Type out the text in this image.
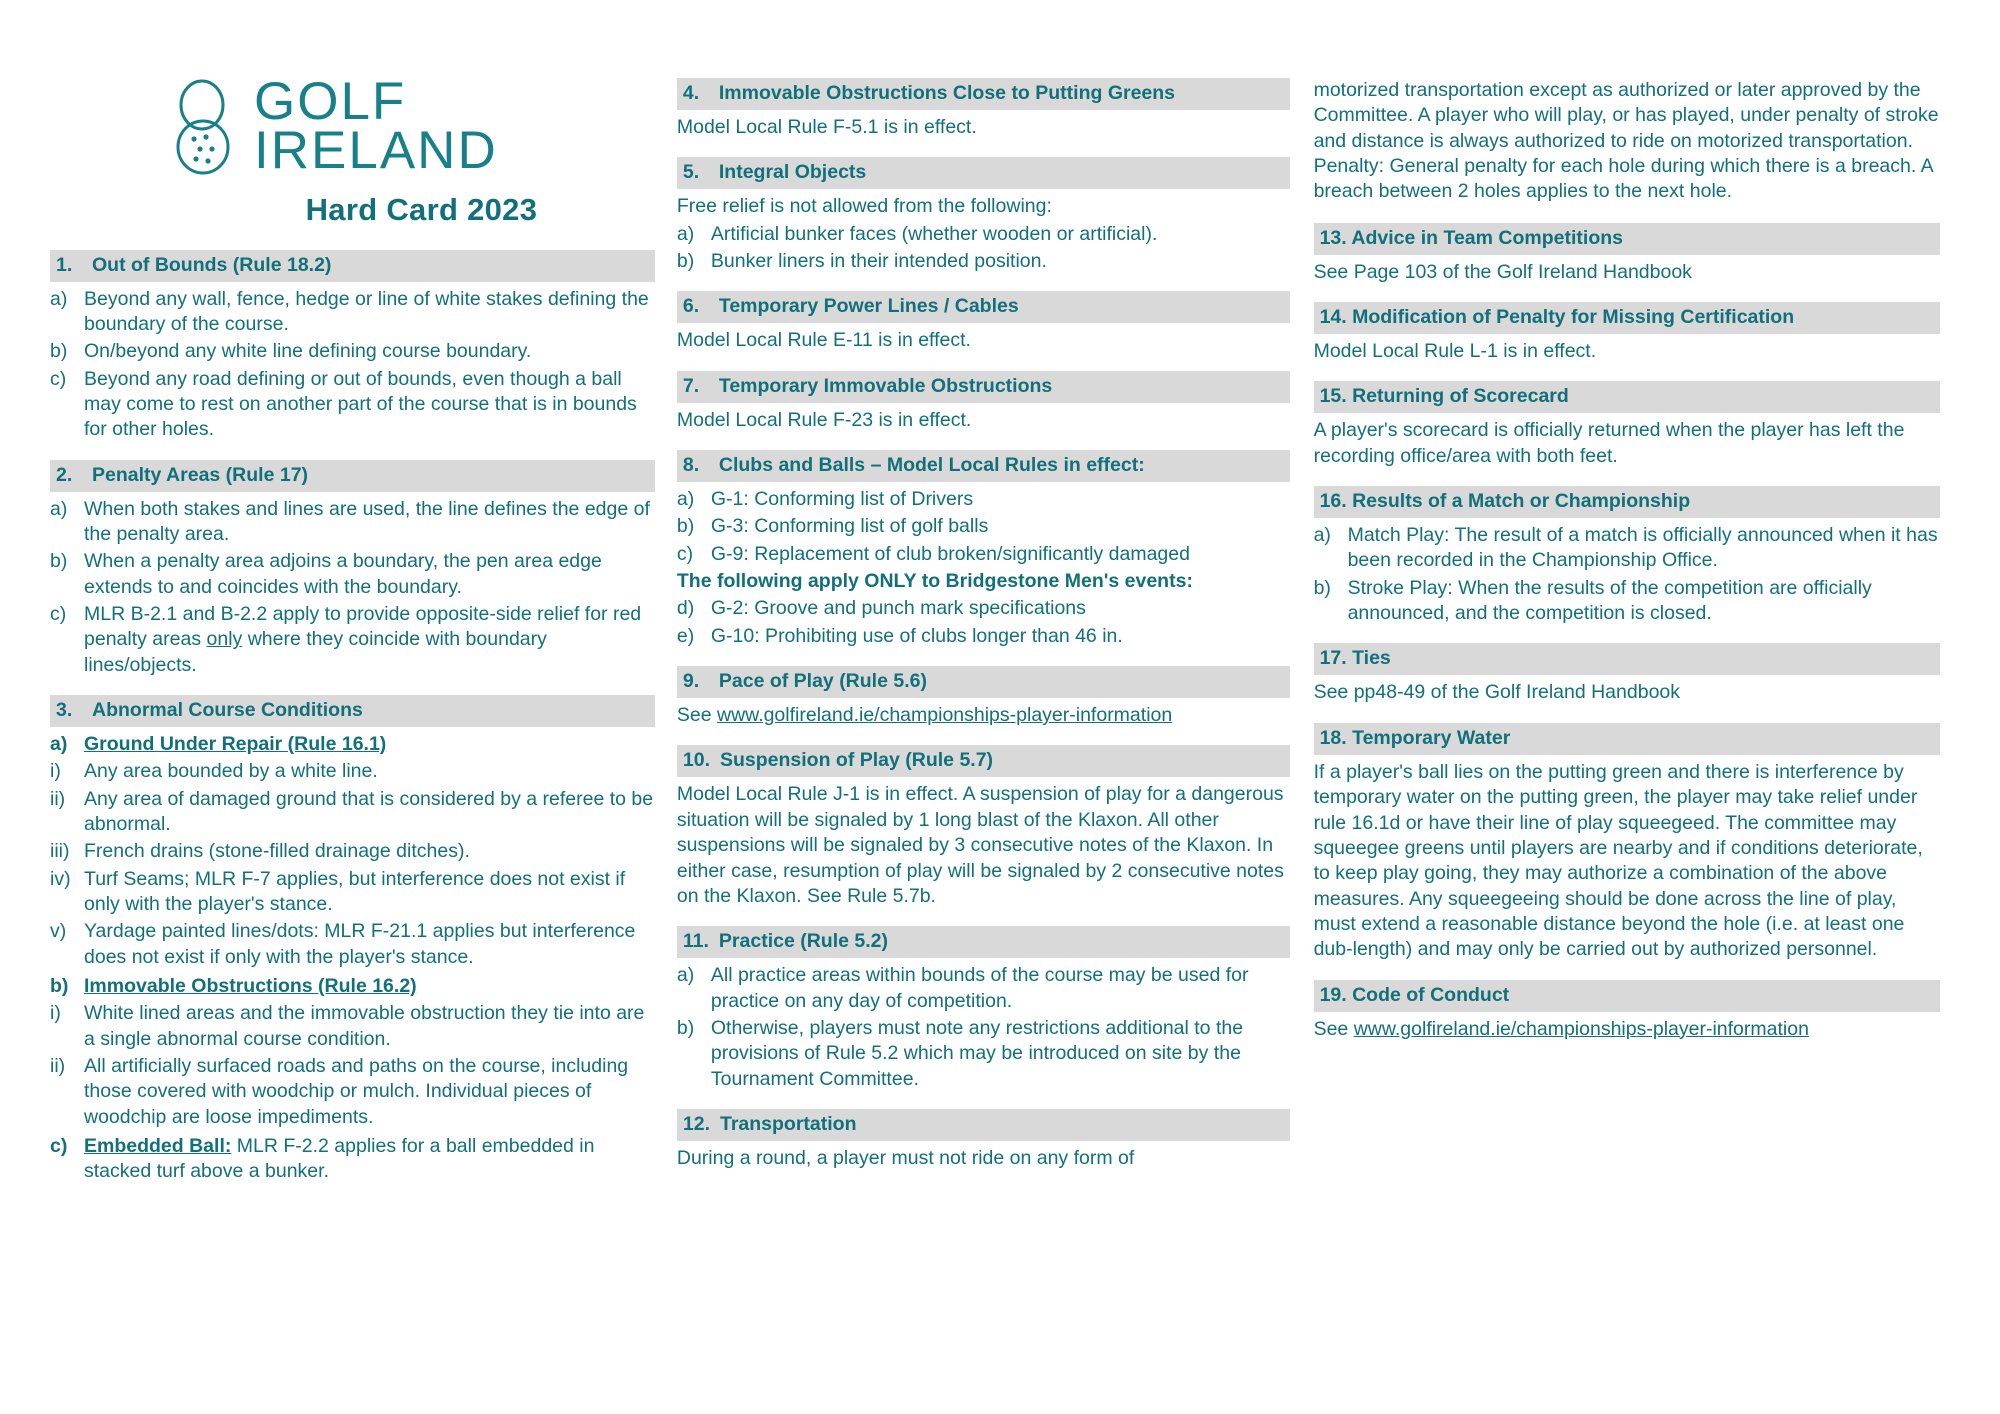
GOLF
IRELAND
Hard Card 2023
1.	Out of Bounds (Rule 18.2)
a) Beyond any wall, fence, hedge or line of white stakes defining the boundary of the course.
b) On/beyond any white line defining course boundary.
c) Beyond any road defining or out of bounds, even though a ball may come to rest on another part of the course that is in bounds for other holes.
2.	Penalty Areas (Rule 17)
a) When both stakes and lines are used, the line defines the edge of the penalty area.
b) When a penalty area adjoins a boundary, the pen area edge extends to and coincides with the boundary.
c) MLR B-2.1 and B-2.2 apply to provide opposite-side relief for red penalty areas only where they coincide with boundary lines/objects.
3.	Abnormal Course Conditions
a) Ground Under Repair (Rule 16.1)
i)	Any area bounded by a white line.
ii) Any area of damaged ground that is considered by a referee to be abnormal.
iii) French drains (stone-filled drainage ditches).
iv) Turf Seams; MLR F-7 applies, but interference does not exist if only with the player's stance.
v) Yardage painted lines/dots: MLR F-21.1 applies but interference does not exist if only with the player's stance.
b) Immovable Obstructions (Rule 16.2)
i)	White lined areas and the immovable obstruction they tie into are a single abnormal course condition.
ii) All artificially surfaced roads and paths on the course, including those covered with woodchip or mulch. Individual pieces of woodchip are loose impediments.
c) Embedded Ball: MLR F-2.2 applies for a ball embedded in stacked turf above a bunker.
4.	Immovable Obstructions Close to Putting Greens
Model Local Rule F-5.1 is in effect.
5.	Integral Objects
Free relief is not allowed from the following:
a) Artificial bunker faces (whether wooden or artificial).
b) Bunker liners in their intended position.
6.	Temporary Power Lines / Cables
Model Local Rule E-11 is in effect.
7.	Temporary Immovable Obstructions
Model Local Rule F-23 is in effect.
8.	Clubs and Balls – Model Local Rules in effect:
a) G-1: Conforming list of Drivers
b) G-3: Conforming list of golf balls
c) G-9: Replacement of club broken/significantly damaged
The following apply ONLY to Bridgestone Men's events:
d) G-2: Groove and punch mark specifications
e) G-10: Prohibiting use of clubs longer than 46 in.
9.	Pace of Play (Rule 5.6)
See www.golfireland.ie/championships-player-information
10. Suspension of Play (Rule 5.7)
Model Local Rule J-1 is in effect. A suspension of play for a dangerous situation will be signaled by 1 long blast of the Klaxon. All other suspensions will be signaled by 3 consecutive notes of the Klaxon. In either case, resumption of play will be signaled by 2 consecutive notes on the Klaxon. See Rule 5.7b.
11. Practice (Rule 5.2)
a) All practice areas within bounds of the course may be used for practice on any day of competition.
b) Otherwise, players must note any restrictions additional to the provisions of Rule 5.2 which may be introduced on site by the Tournament Committee.
12. Transportation
During a round, a player must not ride on any form of
motorized transportation except as authorized or later approved by the Committee. A player who will play, or has played, under penalty of stroke and distance is always authorized to ride on motorized transportation. Penalty: General penalty for each hole during which there is a breach. A breach between 2 holes applies to the next hole.
13. Advice in Team Competitions
See Page 103 of the Golf Ireland Handbook
14. Modification of Penalty for Missing Certification
Model Local Rule L-1 is in effect.
15. Returning of Scorecard
A player's scorecard is officially returned when the player has left the recording office/area with both feet.
16. Results of a Match or Championship
a) Match Play: The result of a match is officially announced when it has been recorded in the Championship Office.
b) Stroke Play: When the results of the competition are officially announced, and the competition is closed.
17. Ties
See pp48-49 of the Golf Ireland Handbook
18. Temporary Water
If a player's ball lies on the putting green and there is interference by temporary water on the putting green, the player may take relief under rule 16.1d or have their line of play squeegeed. The committee may squeegee greens until players are nearby and if conditions deteriorate, to keep play going, they may authorize a combination of the above measures. Any squeegeeing should be done across the line of play, must extend a reasonable distance beyond the hole (i.e. at least one dub-length) and may only be carried out by authorized personnel.
19. Code of Conduct
See www.golfireland.ie/championships-player-information
